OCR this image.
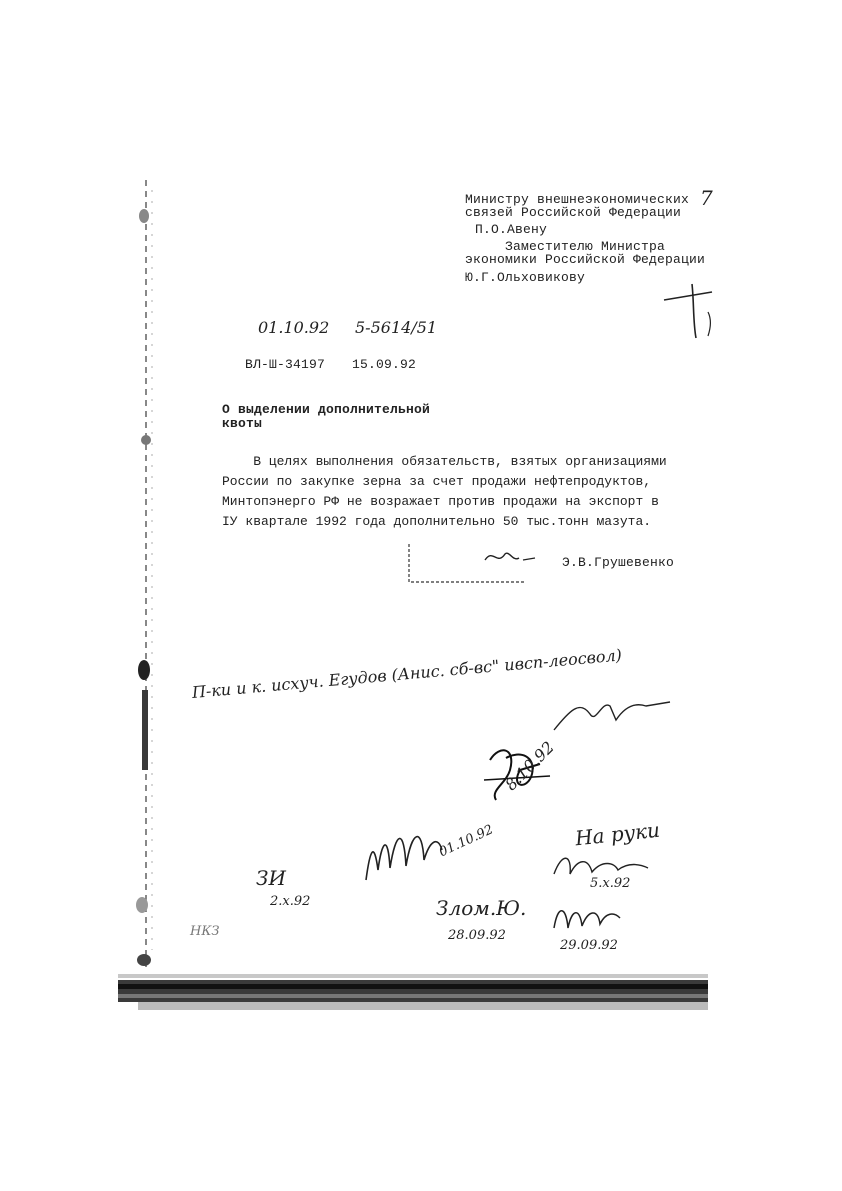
7
Министру внешнеэкономических
связей Российской Федерации
П.О.Авену
Заместителю Министра
экономики Российской Федерации
Ю.Г.Ольховикову
01.10.92 5-5614/51
ВЛ-Ш-34197 15.09.92
О выделении дополнительной
квоты
В целях выполнения обязательств, взятых организациями
России по закупке зерна за счет продажи нефтепродуктов,
Минтопэнерго РФ не возражает против продажи на экспорт в
IУ квартале 1992 года дополнительно 50 тыс.тонн мазута.
Э.В.Грушевенко
П-ки и к. исхуч. Егудов (Анис. сб-вс" ивсп-леосвол)
8.10.92
01.10.92	На руки
5.х.92
ЗИ
2.х.92	Злом.Ю.
28.09.92
29.09.92
НКЗ
